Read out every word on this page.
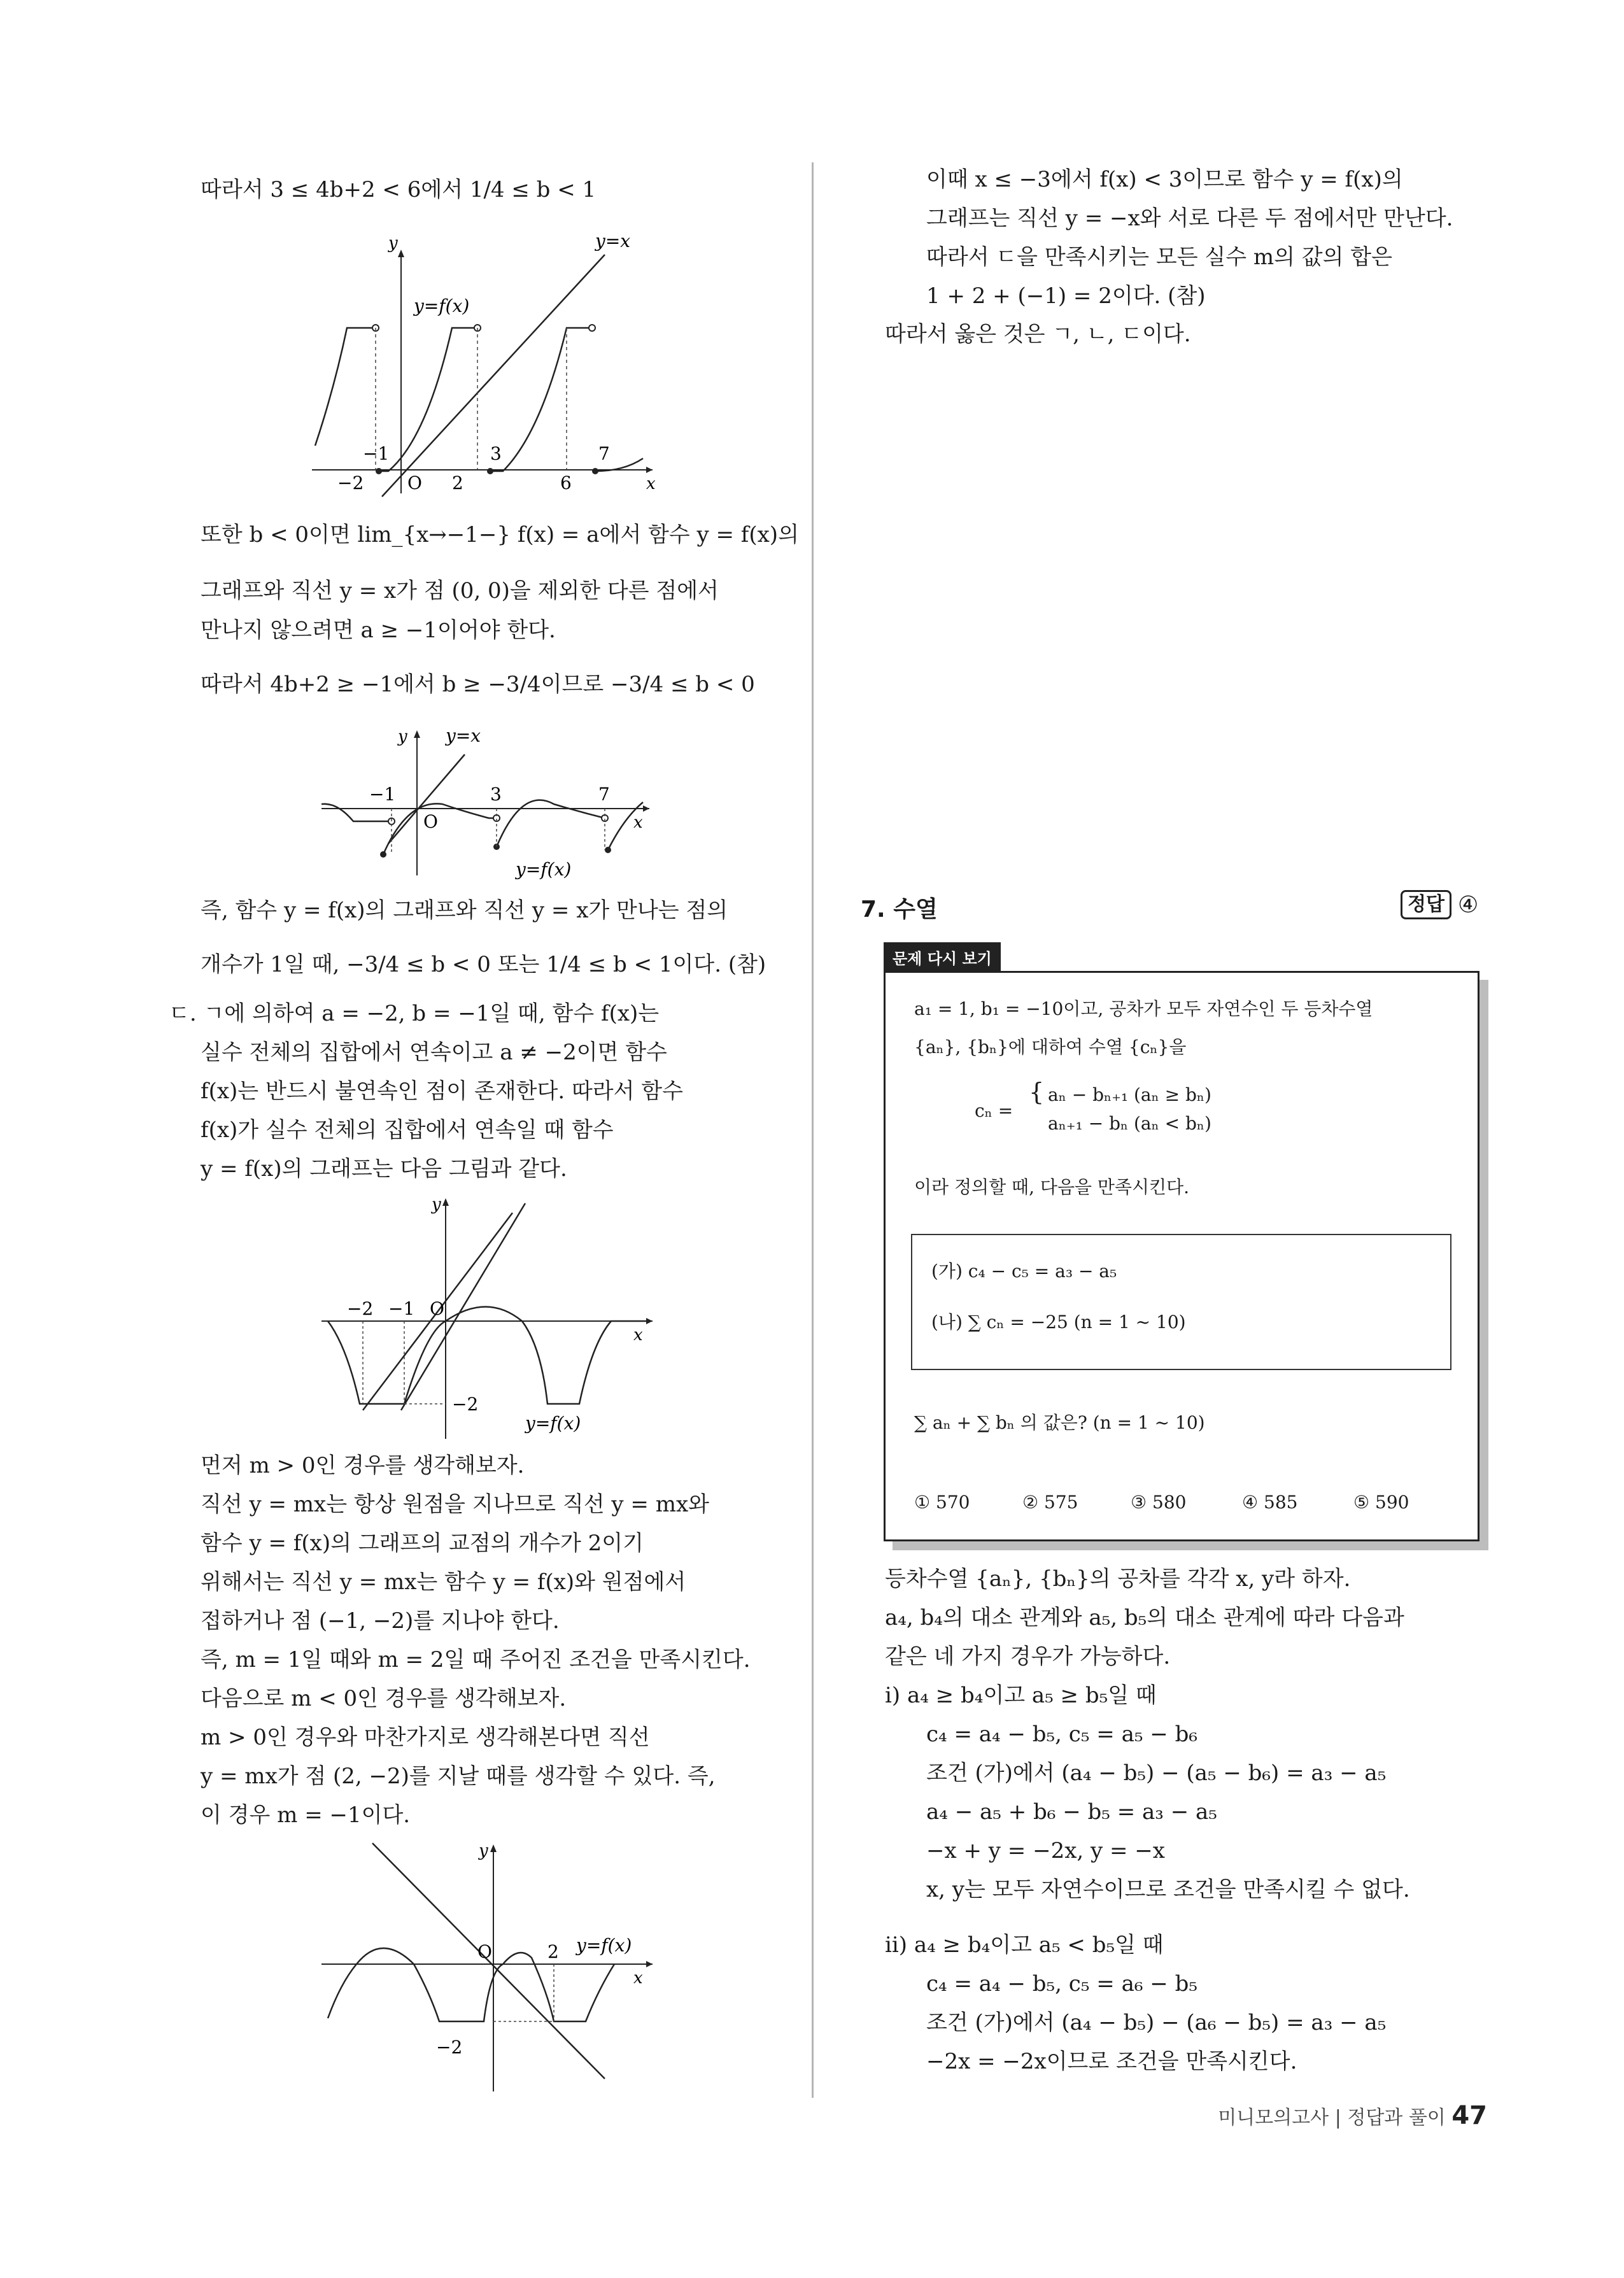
따라서 3 ≤ 4b+2 < 6에서 1/4 ≤ b < 1
y
x
y=x
y=f(x)
O
−2
−1
2
3
6
7
또한 b < 0이면 lim_{x→−1−} f(x) = a에서 함수 y = f(x)의
그래프와 직선 y = x가 점 (0, 0)을 제외한 다른 점에서
만나지 않으려면 a ≥ −1이어야 한다.
따라서 4b+2 ≥ −1에서 b ≥ −3/4이므로 −3/4 ≤ b < 0
y y=x
x
O
−1	3	7
y=f(x)
즉, 함수 y = f(x)의 그래프와 직선 y = x가 만나는 점의
개수가 1일 때, −3/4 ≤ b < 0 또는 1/4 ≤ b < 1이다. (참)
ㄷ. ㄱ에 의하여 a = −2, b = −1일 때, 함수 f(x)는
실수 전체의 집합에서 연속이고 a ≠ −2이면 함수
f(x)는 반드시 불연속인 점이 존재한다. 따라서 함수
f(x)가 실수 전체의 집합에서 연속일 때 함수
y = f(x)의 그래프는 다음 그림과 같다.
y
x
O
−2 −1
−2
y=f(x)
먼저 m > 0인 경우를 생각해보자.
직선 y = mx는 항상 원점을 지나므로 직선 y = mx와
함수 y = f(x)의 그래프의 교점의 개수가 2이기
위해서는 직선 y = mx는 함수 y = f(x)와 원점에서
접하거나 점 (−1, −2)를 지나야 한다.
즉, m = 1일 때와 m = 2일 때 주어진 조건을 만족시킨다.
다음으로 m < 0인 경우를 생각해보자.
m > 0인 경우와 마찬가지로 생각해본다면 직선
y = mx가 점 (2, −2)를 지날 때를 생각할 수 있다. 즉,
이 경우 m = −1이다.
y
x
O	2 y=f(x)
−2
이때 x ≤ −3에서 f(x) < 3이므로 함수 y = f(x)의
그래프는 직선 y = −x와 서로 다른 두 점에서만 만난다.
따라서 ㄷ을 만족시키는 모든 실수 m의 값의 합은
1 + 2 + (−1) = 2이다. (참)
따라서 옳은 것은 ㄱ, ㄴ, ㄷ이다.
7. 수열	정답 ④
문제 다시 보기
a₁ = 1, b₁ = −10이고, 공차가 모두 자연수인 두 등차수열
{aₙ}, {bₙ}에 대하여 수열 {cₙ}을
cₙ =
{ aₙ − bₙ₊₁ (aₙ ≥ bₙ)
aₙ₊₁ − bₙ (aₙ < bₙ)
이라 정의할 때, 다음을 만족시킨다.
(가) c₄ − c₅ = a₃ − a₅
(나) ∑ cₙ = −25 (n = 1 ~ 10)
∑ aₙ + ∑ bₙ 의 값은? (n = 1 ~ 10)
① 570	② 575	③ 580	④ 585	⑤ 590
등차수열 {aₙ}, {bₙ}의 공차를 각각 x, y라 하자.
a₄, b₄의 대소 관계와 a₅, b₅의 대소 관계에 따라 다음과
같은 네 가지 경우가 가능하다.
ⅰ) a₄ ≥ b₄이고 a₅ ≥ b₅일 때
c₄ = a₄ − b₅, c₅ = a₅ − b₆
조건 (가)에서 (a₄ − b₅) − (a₅ − b₆) = a₃ − a₅
a₄ − a₅ + b₆ − b₅ = a₃ − a₅
−x + y = −2x, y = −x
x, y는 모두 자연수이므로 조건을 만족시킬 수 없다.
ⅱ) a₄ ≥ b₄이고 a₅ < b₅일 때
c₄ = a₄ − b₅, c₅ = a₆ − b₅
조건 (가)에서 (a₄ − b₅) − (a₆ − b₅) = a₃ − a₅
−2x = −2x이므로 조건을 만족시킨다.
미니모의고사 | 정답과 풀이 47
